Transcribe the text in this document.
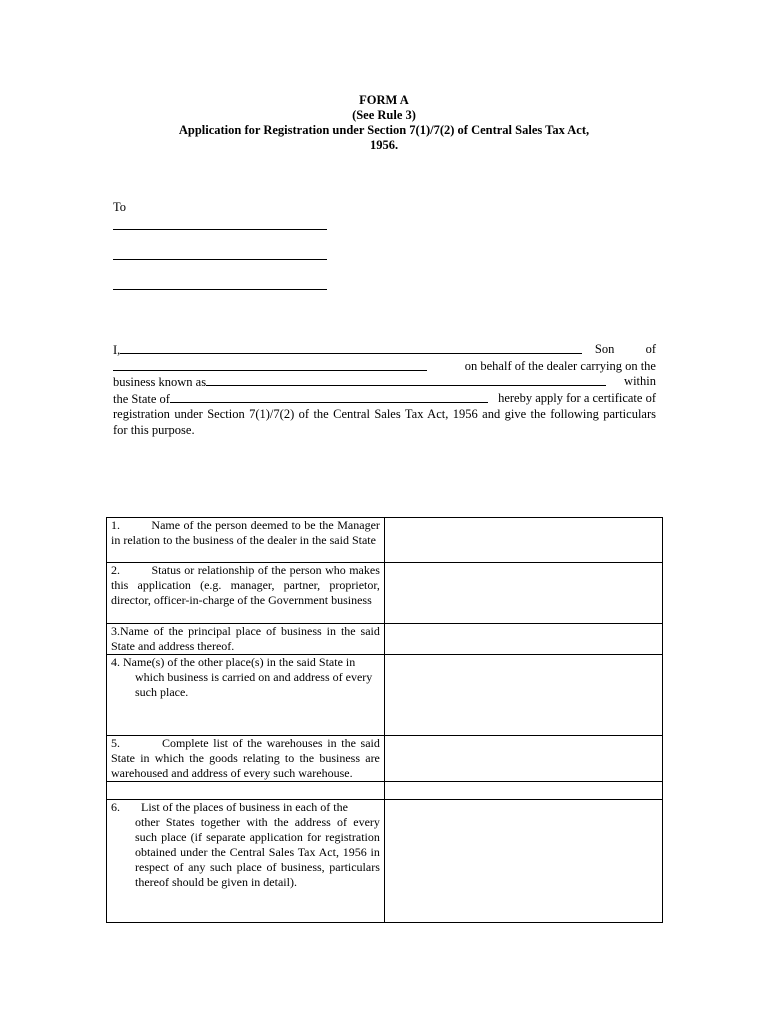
FORM A
(See Rule 3)
Application for Registration under Section 7(1)/7(2) of Central Sales Tax Act,
1956.
To
I,	Son          of
on behalf of the dealer carrying on the
business known as	within
the State of	hereby apply for a certificate of
registration under Section 7(1)/7(2) of the Central Sales Tax Act, 1956 and give the following particulars
for this purpose.
1.         Name of the person deemed to be the Manager in relation to the business of the dealer in the said State	
2.         Status or relationship of the person who makes this application (e.g. manager, partner, proprietor, director, officer-in-charge of the Government business	
3.Name of the principal place of business in the said State and address thereof.	

4. Name(s) of the other place(s) in the said State in
which business is carried on and address of every such place.	

5.         Complete list of the warehouses in the said State in which the goods relating to the business are warehoused and address of every such warehouse.	

6.       List of the places of business in each of the
other States together with the address of every such place (if separate application for registration obtained under the Central Sales Tax Act, 1956 in respect of any such place of business, particulars thereof should be given in detail).	
